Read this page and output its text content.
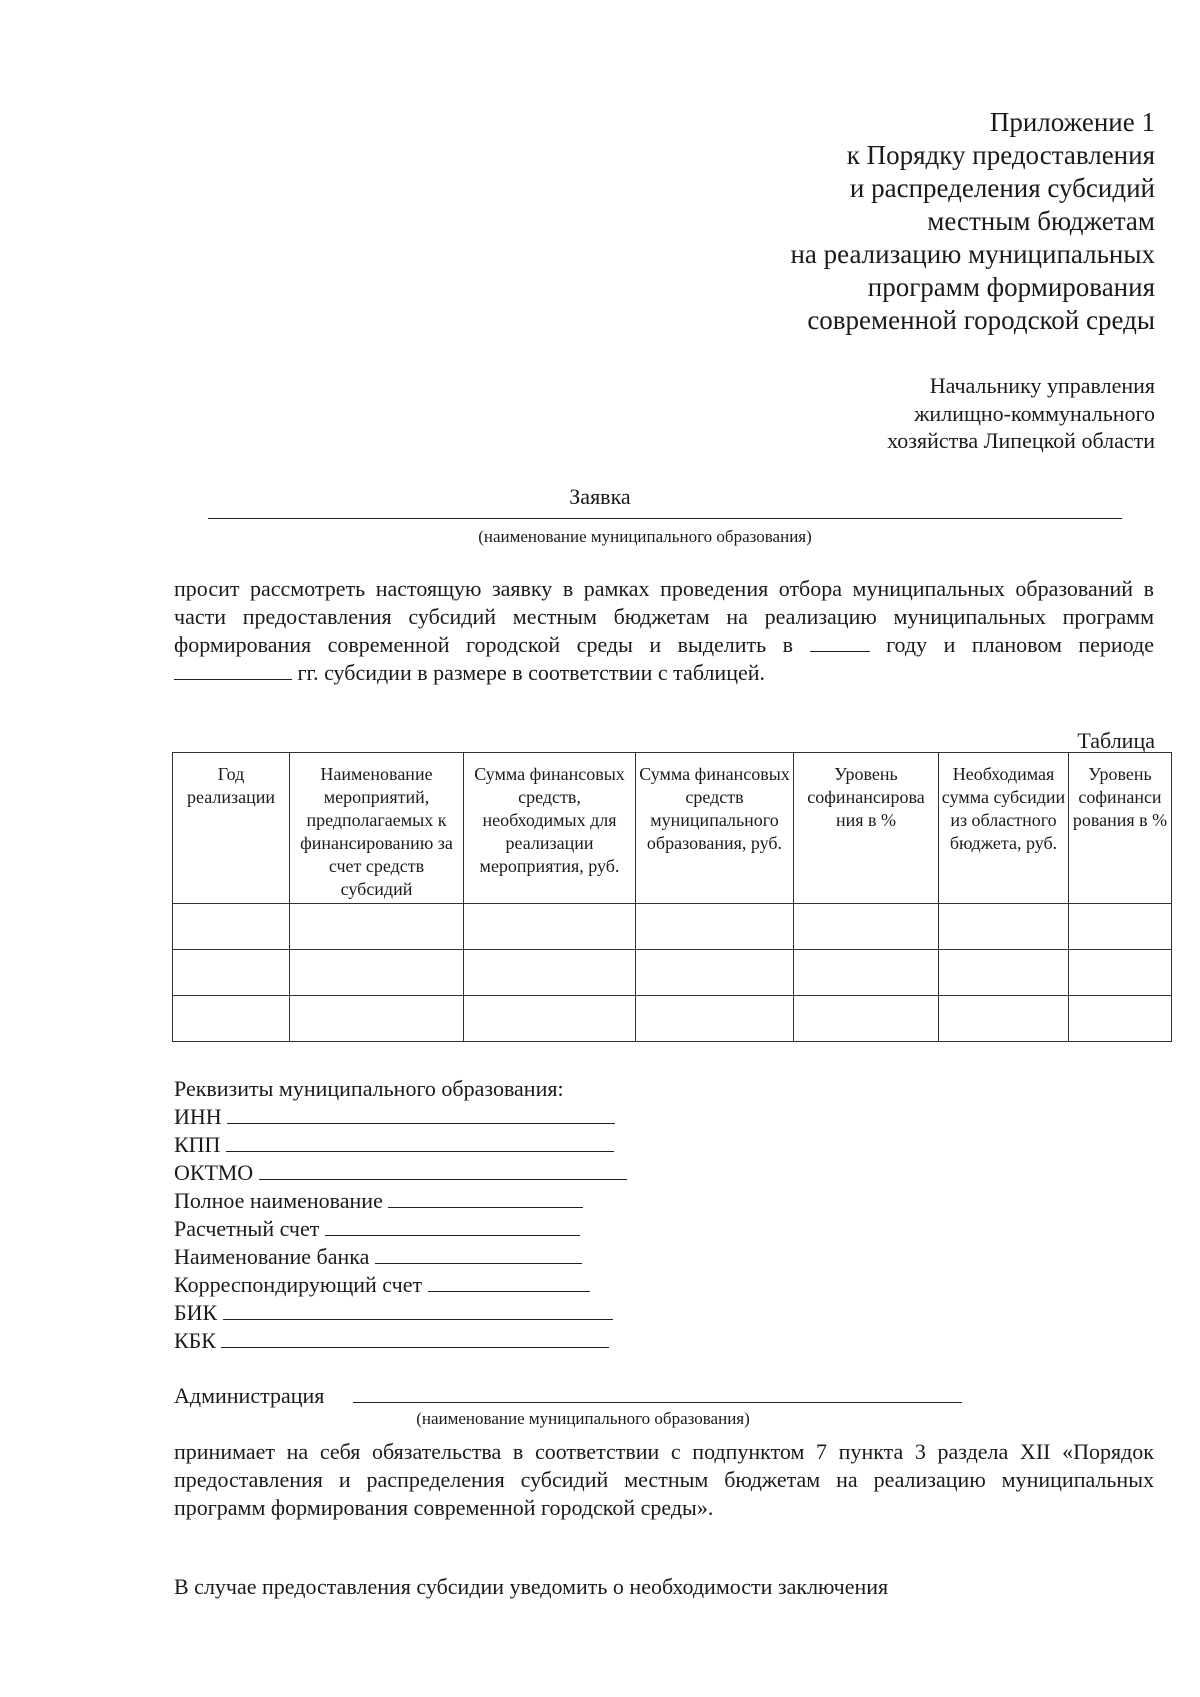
Приложение 1
к Порядку предоставления
и распределения субсидий
местным бюджетам
на реализацию муниципальных
программ формирования
современной городской среды
Начальнику управления
жилищно-коммунального
хозяйства Липецкой области
Заявка
(наименование муниципального образования)
просит рассмотреть настоящую заявку в рамках проведения отбора муниципальных образований в части предоставления субсидий местным бюджетам на реализацию муниципальных программ формирования современной городской среды и выделить в	году и плановом периоде  гг. субсидии в размере в соответствии с таблицей.
Таблица
Год реализации	Наименование мероприятий, предполагаемых к финансированию за счет средств субсидий	Сумма финансовых средств, необходимых для реализации мероприятия, руб.	Сумма финансовых средств муниципального образования, руб.	Уровень софинансирова ния в %	Необходимая сумма субсидии из областного бюджета, руб.	Уровень софинанси рования в %

Реквизиты муниципального образования:
ИНН
КПП
ОКТМО
Полное наименование
Расчетный счет
Наименование банка
Корреспондирующий счет
БИК
КБК
Администрация
(наименование муниципального образования)
принимает на себя обязательства в соответствии с подпунктом 7 пункта 3 раздела XII «Порядок предоставления и распределения субсидий местным бюджетам на реализацию муниципальных программ формирования современной городской среды».
В случае предоставления субсидии уведомить о необходимости заключения
